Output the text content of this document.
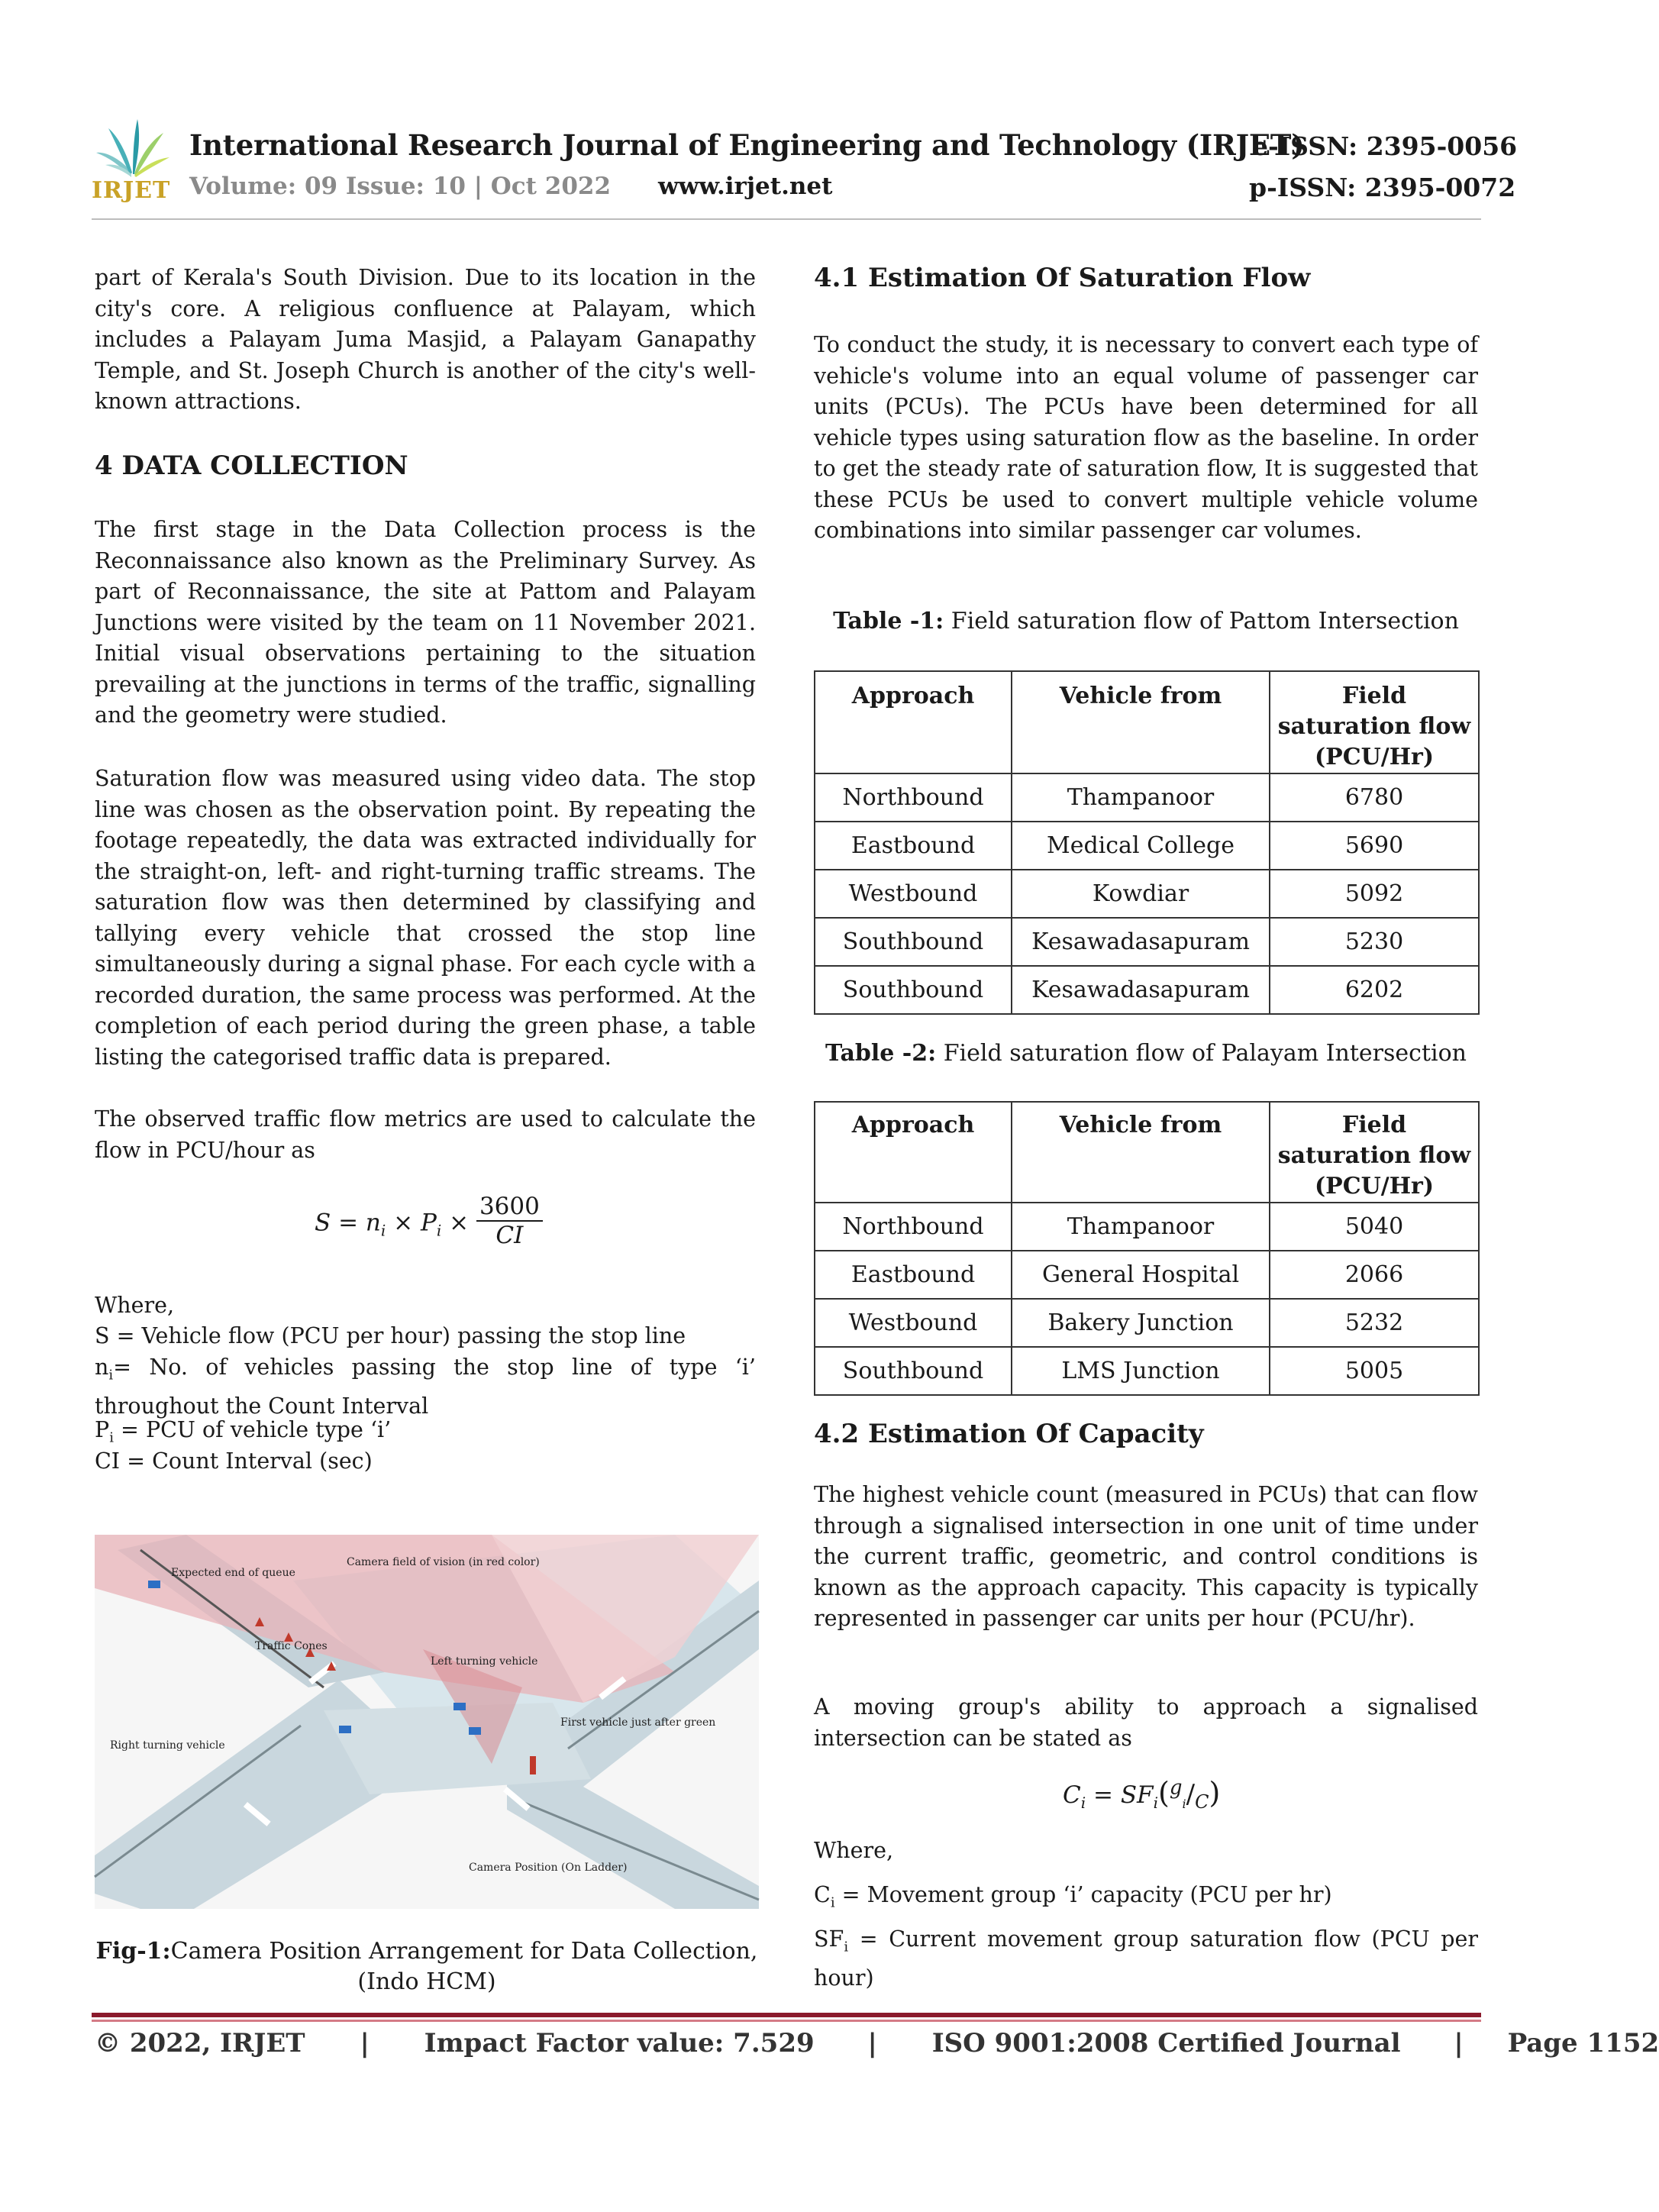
IRJET
International Research Journal of Engineering and Technology (IRJET)
e-ISSN: 2395-0056
Volume: 09 Issue: 10 | Oct 2022 www.irjet.net	p-ISSN: 2395-0072

part of Kerala's South Division. Due to its location in the city's core. A religious confluence at Palayam, which includes a Palayam Juma Masjid, a Palayam Ganapathy Temple, and St. Joseph Church is another of the city's well-known attractions.

4 DATA COLLECTION

The first stage in the Data Collection process is the Reconnaissance also known as the Preliminary Survey. As part of Reconnaissance, the site at Pattom and Palayam Junctions were visited by the team on 11 November 2021. Initial visual observations pertaining to the situation prevailing at the junctions in terms of the traffic, signalling and the geometry were studied.

Saturation flow was measured using video data. The stop line was chosen as the observation point. By repeating the footage repeatedly, the data was extracted individually for the straight-on, left- and right-turning traffic streams. The saturation flow was then determined by classifying and tallying every vehicle that crossed the stop line simultaneously during a signal phase. For each cycle with a recorded duration, the same process was performed. At the completion of each period during the green phase, a table listing the categorised traffic data is prepared.

The observed traffic flow metrics are used to calculate the flow in PCU/hour as

$S = n_i \times P_i \times \frac{3600}{CI}$

Where,

S = Vehicle flow (PCU per hour) passing the stop line

$n_i= No$. of vehicles passing the stop line of type ‘i’ throughout the Count Interval

$P_i$ = PCU of vehicle type ‘i’

CI = Count Interval (sec)

Expected end of queue
Camera field of vision (in red color)
Traffic Cones
Left turning vehicle
Right turning vehicle
First vehicle just after green
Camera Position (On Ladder)
Fig-1:Camera Position Arrangement for Data Collection, (Indo HCM)
4.1 Estimation Of Saturation Flow

To conduct the study, it is necessary to convert each type of vehicle's volume into an equal volume of passenger car units (PCUs). The PCUs have been determined for all vehicle types using saturation flow as the baseline. In order to get the steady rate of saturation flow, It is suggested that these PCUs be used to convert multiple vehicle volume combinations into similar passenger car volumes.

Table -1: Field saturation flow of Pattom Intersection
Approach	Vehicle from	Field saturation flow (PCU/Hr)
Northbound	Thampanoor	6780
Eastbound	Medical College	5690
Westbound	Kowdiar	5092
Southbound	Kesawadasapuram	5230
Southbound	Kesawadasapuram	6202
Table -2: Field saturation flow of Palayam Intersection
Approach	Vehicle from	Field saturation flow (PCU/Hr)
Northbound	Thampanoor	5040
Eastbound	General Hospital	2066
Westbound	Bakery Junction	5232
Southbound	LMS Junction	5005
4.2 Estimation Of Capacity

The highest vehicle count (measured in PCUs) that can flow through a signalised intersection in one unit of time under the current traffic, geometric, and control conditions is known as the approach capacity. This capacity is typically represented in passenger car units per hour (PCU/hr).

A moving group's ability to approach a signalised intersection can be stated as

$C_i = SF_i(^g_i/_C)$

Where,

$C_i$ = Movement group ‘i’ capacity (PCU per hr)

$SF_i$ = Current movement group saturation flow (PCU per hour)

© 2022, IRJET | Impact Factor value: 7.529 | ISO 9001:2008 Certified Journal | Page 1152
